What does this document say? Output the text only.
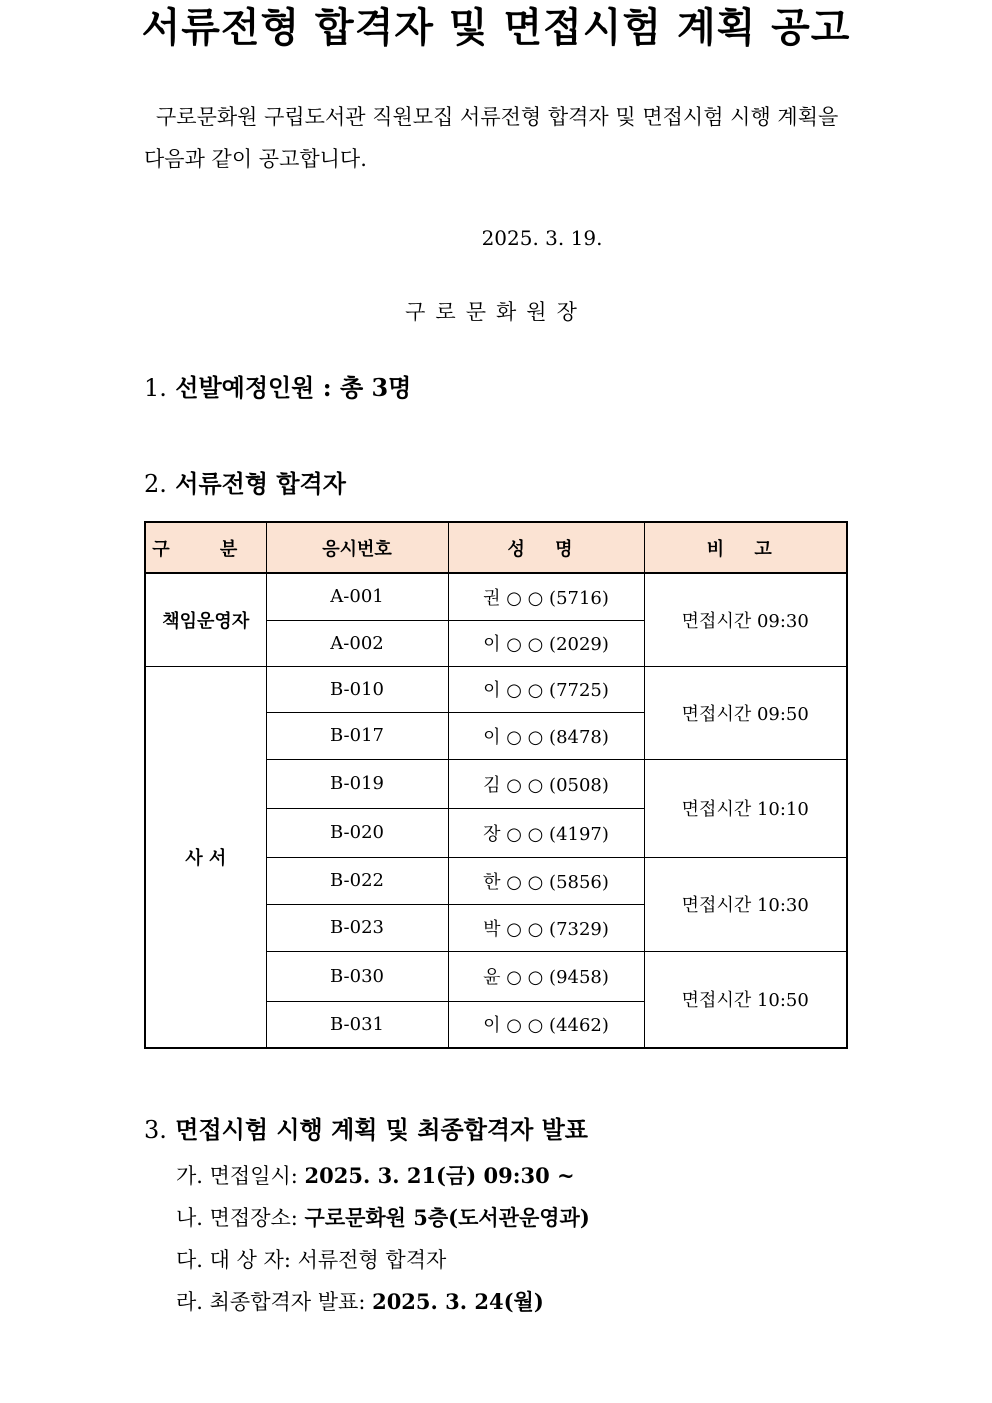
서류전형 합격자 및 면접시험 계획 공고
구로문화원 구립도서관 직원모집 서류전형 합격자 및 면접시험 시행 계획을 다음과 같이 공고합니다.
2025. 3. 19.
구로문화원장
1. 선발예정인원 : 총 3명
2. 서류전형 합격자
구 분	응시번호	성 명	비 고
책임운영자	A-001	권 ○ ○ (5716)	면접시간 09:30
	A-002	이 ○ ○ (2029)	
사 서	B-010	이 ○ ○ (7725)	면접시간 09:50
	B-017	이 ○ ○ (8478)	
	B-019	김 ○ ○ (0508)	면접시간 10:10
	B-020	장 ○ ○ (4197)	
	B-022	한 ○ ○ (5856)	면접시간 10:30
	B-023	박 ○ ○ (7329)	
	B-030	윤 ○ ○ (9458)	면접시간 10:50
	B-031	이 ○ ○ (4462)	
3. 면접시험 시행 계획 및 최종합격자 발표
가. 면접일시: 2025. 3. 21(금) 09:30 ~
나. 면접장소: 구로문화원 5층(도서관운영과)
다. 대 상 자: 서류전형 합격자
라. 최종합격자 발표: 2025. 3. 24(월)
